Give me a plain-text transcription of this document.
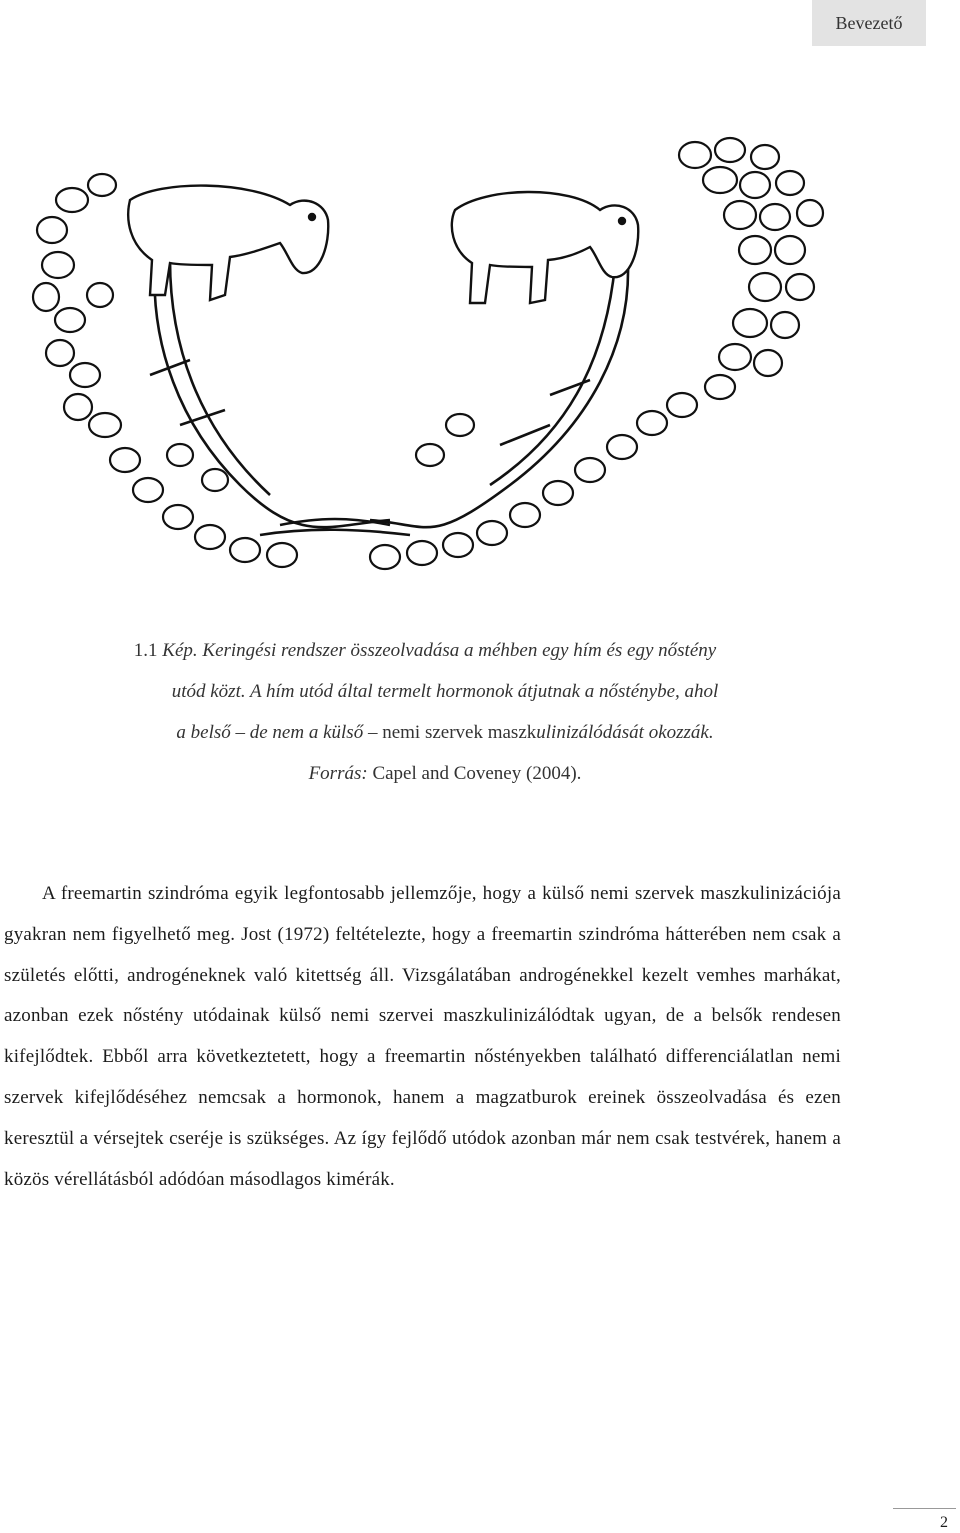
Bevezető
1.1 Kép. Keringési rendszer összeolvadása a méhben egy hím és egy nőstény
utód közt. A hím utód által termelt hormonok átjutnak a nősténybe, ahol
a belső – de nem a külső – nemi szervek maszkulinizálódását okozzák.
Forrás: Capel and Coveney (2004).
A freemartin szindróma egyik legfontosabb jellemzője, hogy a külső nemi szervek maszkulinizációja gyakran nem figyelhető meg. Jost (1972) feltételezte, hogy a freemartin szindróma hátterében nem csak a születés előtti, androgéneknek való kitettség áll. Vizsgálatában androgénekkel kezelt vemhes marhákat, azonban ezek nőstény utódainak külső nemi szervei maszkulinizálódtak ugyan, de a belsők rendesen kifejlődtek. Ebből arra következtetett, hogy a freemartin nőstényekben található differenciálatlan nemi szervek kifejlődéséhez nemcsak a hormonok, hanem a magzatburok ereinek összeolvadása és ezen keresztül a vérsejtek cseréje is szükséges. Az így fejlődő utódok azonban már nem csak testvérek, hanem a közös vérellátásból adódóan másodlagos kimérák.
2
